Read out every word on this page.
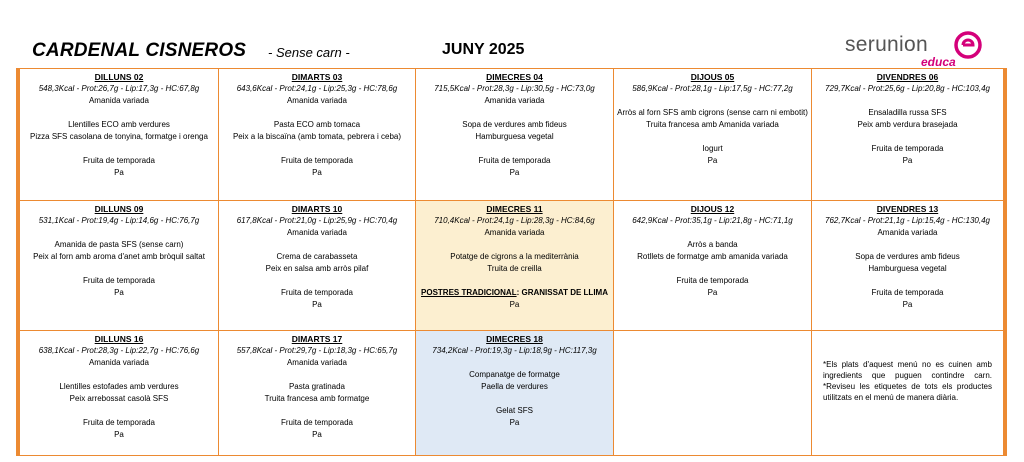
CARDENAL CISNEROS - Sense carn -	JUNY 2025	serunion
educa
DILLUNS 02
548,3Kcal - Prot:26,7g - Lip:17,3g - HC:67,8g
Amanida variada
Llentilles ECO amb verdures
Pizza SFS casolana de tonyina, formatge i orenga
Fruita de temporada
Pa
DIMARTS 03
643,6Kcal - Prot:24,1g - Lip:25,3g - HC:78,6g
Amanida variada
Pasta ECO amb tomaca
Peix a la biscaïna (amb tomata, pebrera i ceba)
Fruita de temporada
Pa
DIMECRES 04
715,5Kcal - Prot:28,3g - Lip:30,5g - HC:73,0g
Amanida variada
Sopa de verdures amb fideus
Hamburguesa vegetal
Fruita de temporada
Pa
DIJOUS 05
586,9Kcal - Prot:28,1g - Lip:17,5g - HC:77,2g
Arròs al forn SFS amb cigrons (sense carn ni embotit)
Truita francesa amb Amanida variada
Iogurt
Pa
DIVENDRES 06
729,7Kcal - Prot:25,6g - Lip:20,8g - HC:103,4g
Ensaladilla russa SFS
Peix amb verdura brasejada
Fruita de temporada
Pa
DILLUNS 09
531,1Kcal - Prot:19,4g - Lip:14,6g - HC:76,7g
Amanida de pasta SFS (sense carn)
Peix al forn amb aroma d'anet amb bròquil saltat
Fruita de temporada
Pa
DIMARTS 10
617,8Kcal - Prot:21,0g - Lip:25,9g - HC:70,4g
Amanida variada
Crema de carabasseta
Peix en salsa amb arròs pilaf
Fruita de temporada
Pa
DIMECRES 11
710,4Kcal - Prot:24,1g - Lip:28,3g - HC:84,6g
Amanida variada
Potatge de cigrons a la mediterrània
Truita de creilla
POSTRES TRADICIONAL: GRANISSAT DE LLIMA
Pa
DIJOUS 12
642,9Kcal - Prot:35,1g - Lip:21,8g - HC:71,1g
Arròs a banda
Rotllets de formatge amb amanida variada
Fruita de temporada
Pa
DIVENDRES 13
762,7Kcal - Prot:21,1g - Lip:15,4g - HC:130,4g
Amanida variada
Sopa de verdures amb fideus
Hamburguesa vegetal
Fruita de temporada
Pa
DILLUNS 16
638,1Kcal - Prot:28,3g - Lip:22,7g - HC:76,6g
Amanida variada
Llentilles estofades amb verdures
Peix arrebossat casolà SFS
Fruita de temporada
Pa
DIMARTS 17
557,8Kcal - Prot:29,7g - Lip:18,3g - HC:65,7g
Amanida variada
Pasta gratinada
Truita francesa amb formatge
Fruita de temporada
Pa
DIMECRES 18
734,2Kcal - Prot:19,3g - Lip:18,9g - HC:117,3g
Companatge de formatge
Paella de verdures
Gelat SFS
Pa
*Els plats d'aquest menú no es cuinen amb ingredients que puguen contindre carn. *Reviseu les etiquetes de tots els productes utilitzats en el menú de manera diària.
